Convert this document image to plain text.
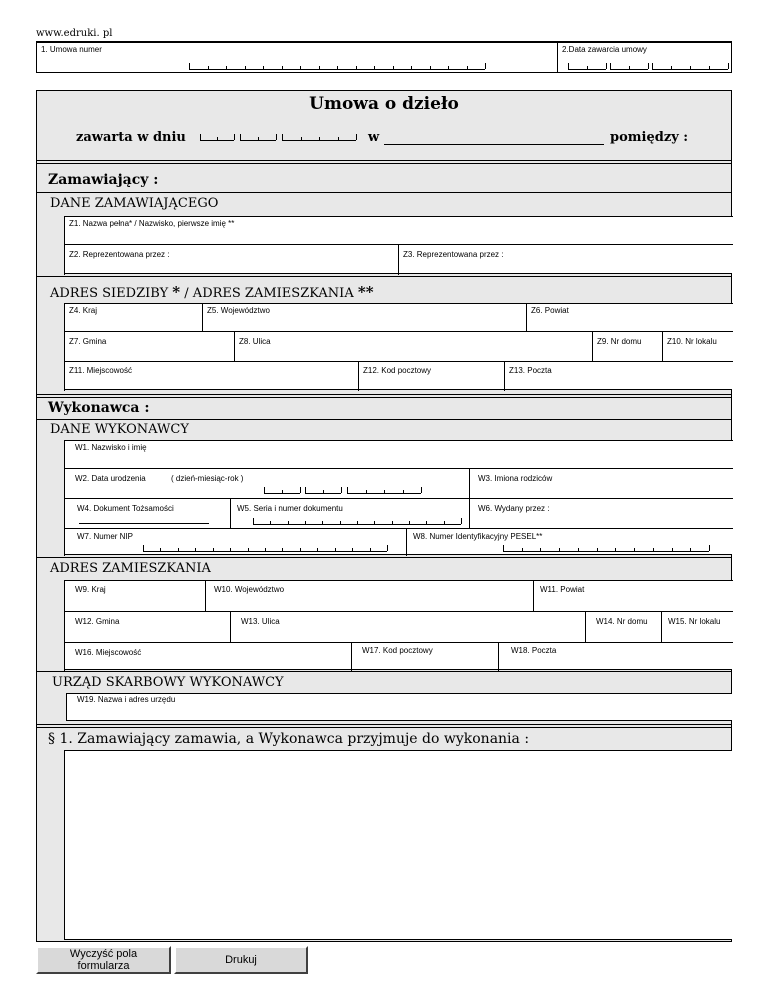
www.edruki. pl
1. Umowa numer	2.Data zawarcia umowy
Umowa o dzieło
zawarta w dniu	w	pomiędzy :
Zamawiający :
DANE ZAMAWIAJĄCEGO
Z1. Nazwa pełna* / Nazwisko, pierwsze imię **
Z2. Reprezentowana przez :	Z3. Reprezentowana przez :
ADRES SIEDZIBY * / ADRES ZAMIESZKANIA **
Z4. Kraj	Z5. Województwo	Z6. Powiat
Z7. Gmina	Z8. Ulica	Z9. Nr domu	Z10. Nr lokalu
Z11. Miejscowość	Z12. Kod pocztowy	Z13. Poczta
Wykonawca :
DANE WYKONAWCY
W1. Nazwisko i imię
W2. Data urodzenia	( dzień-miesiąc-rok )	W3. Imiona rodziców
W4. Dokument Tożsamości	W5. Seria i numer dokumentu	W6. Wydany przez :
W7. Numer NIP	W8. Numer Identyfikacyjny PESEL**
ADRES ZAMIESZKANIA
W9. Kraj	W10. Województwo	W11. Powiat
W12. Gmina	W13. Ulica	W14. Nr domu	W15. Nr lokalu
W16. Miejscowość	W17. Kod pocztowy	W18. Poczta
URZĄD SKARBOWY WYKONAWCY
W19. Nazwa i adres urzędu
§ 1. Zamawiający zamawia, a Wykonawca przyjmuje do wykonania :
Wyczyść pola formularza	Drukuj
